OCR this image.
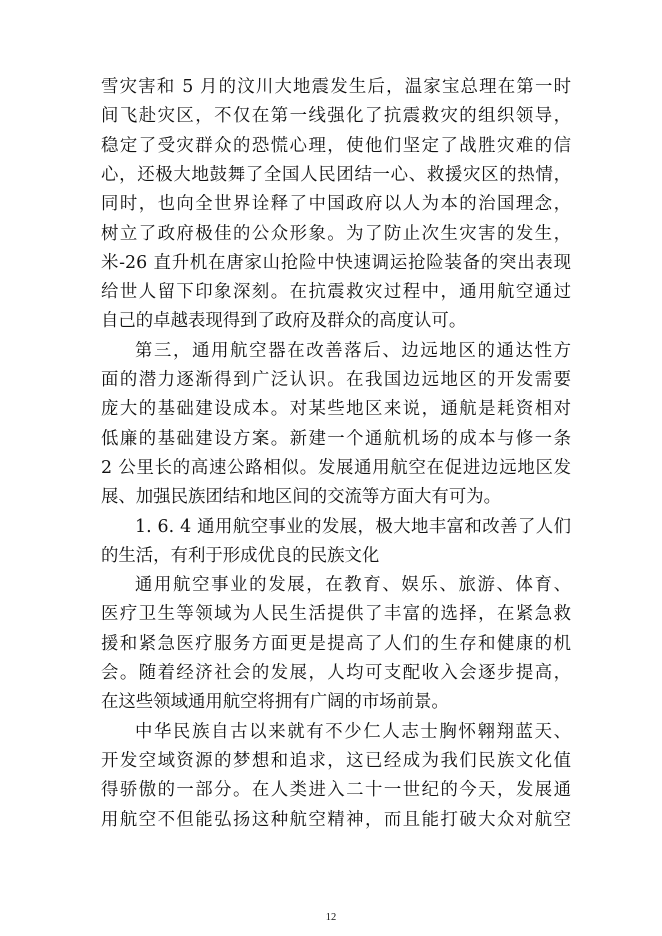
雪灾害和 5 月的汶川大地震发生后，温家宝总理在第一时
间飞赴灾区，不仅在第一线强化了抗震救灾的组织领导，
稳定了受灾群众的恐慌心理，使他们坚定了战胜灾难的信
心，还极大地鼓舞了全国人民团结一心、救援灾区的热情，
同时，也向全世界诠释了中国政府以人为本的治国理念，
树立了政府极佳的公众形象。为了防止次生灾害的发生，
米-26 直升机在唐家山抢险中快速调运抢险装备的突出表现
给世人留下印象深刻。在抗震救灾过程中，通用航空通过
自己的卓越表现得到了政府及群众的高度认可。
第三，通用航空器在改善落后、边远地区的通达性方
面的潜力逐渐得到广泛认识。在我国边远地区的开发需要
庞大的基础建设成本。对某些地区来说，通航是耗资相对
低廉的基础建设方案。新建一个通航机场的成本与修一条
2 公里长的高速公路相似。发展通用航空在促进边远地区发
展、加强民族团结和地区间的交流等方面大有可为。
1. 6. 4 通用航空事业的发展，极大地丰富和改善了人们
的生活，有利于形成优良的民族文化
通用航空事业的发展，在教育、娱乐、旅游、体育、
医疗卫生等领域为人民生活提供了丰富的选择，在紧急救
援和紧急医疗服务方面更是提高了人们的生存和健康的机
会。随着经济社会的发展，人均可支配收入会逐步提高，
在这些领域通用航空将拥有广阔的市场前景。
中华民族自古以来就有不少仁人志士胸怀翱翔蓝天、
开发空域资源的梦想和追求，这已经成为我们民族文化值
得骄傲的一部分。在人类进入二十一世纪的今天，发展通
用航空不但能弘扬这种航空精神，而且能打破大众对航空
12
